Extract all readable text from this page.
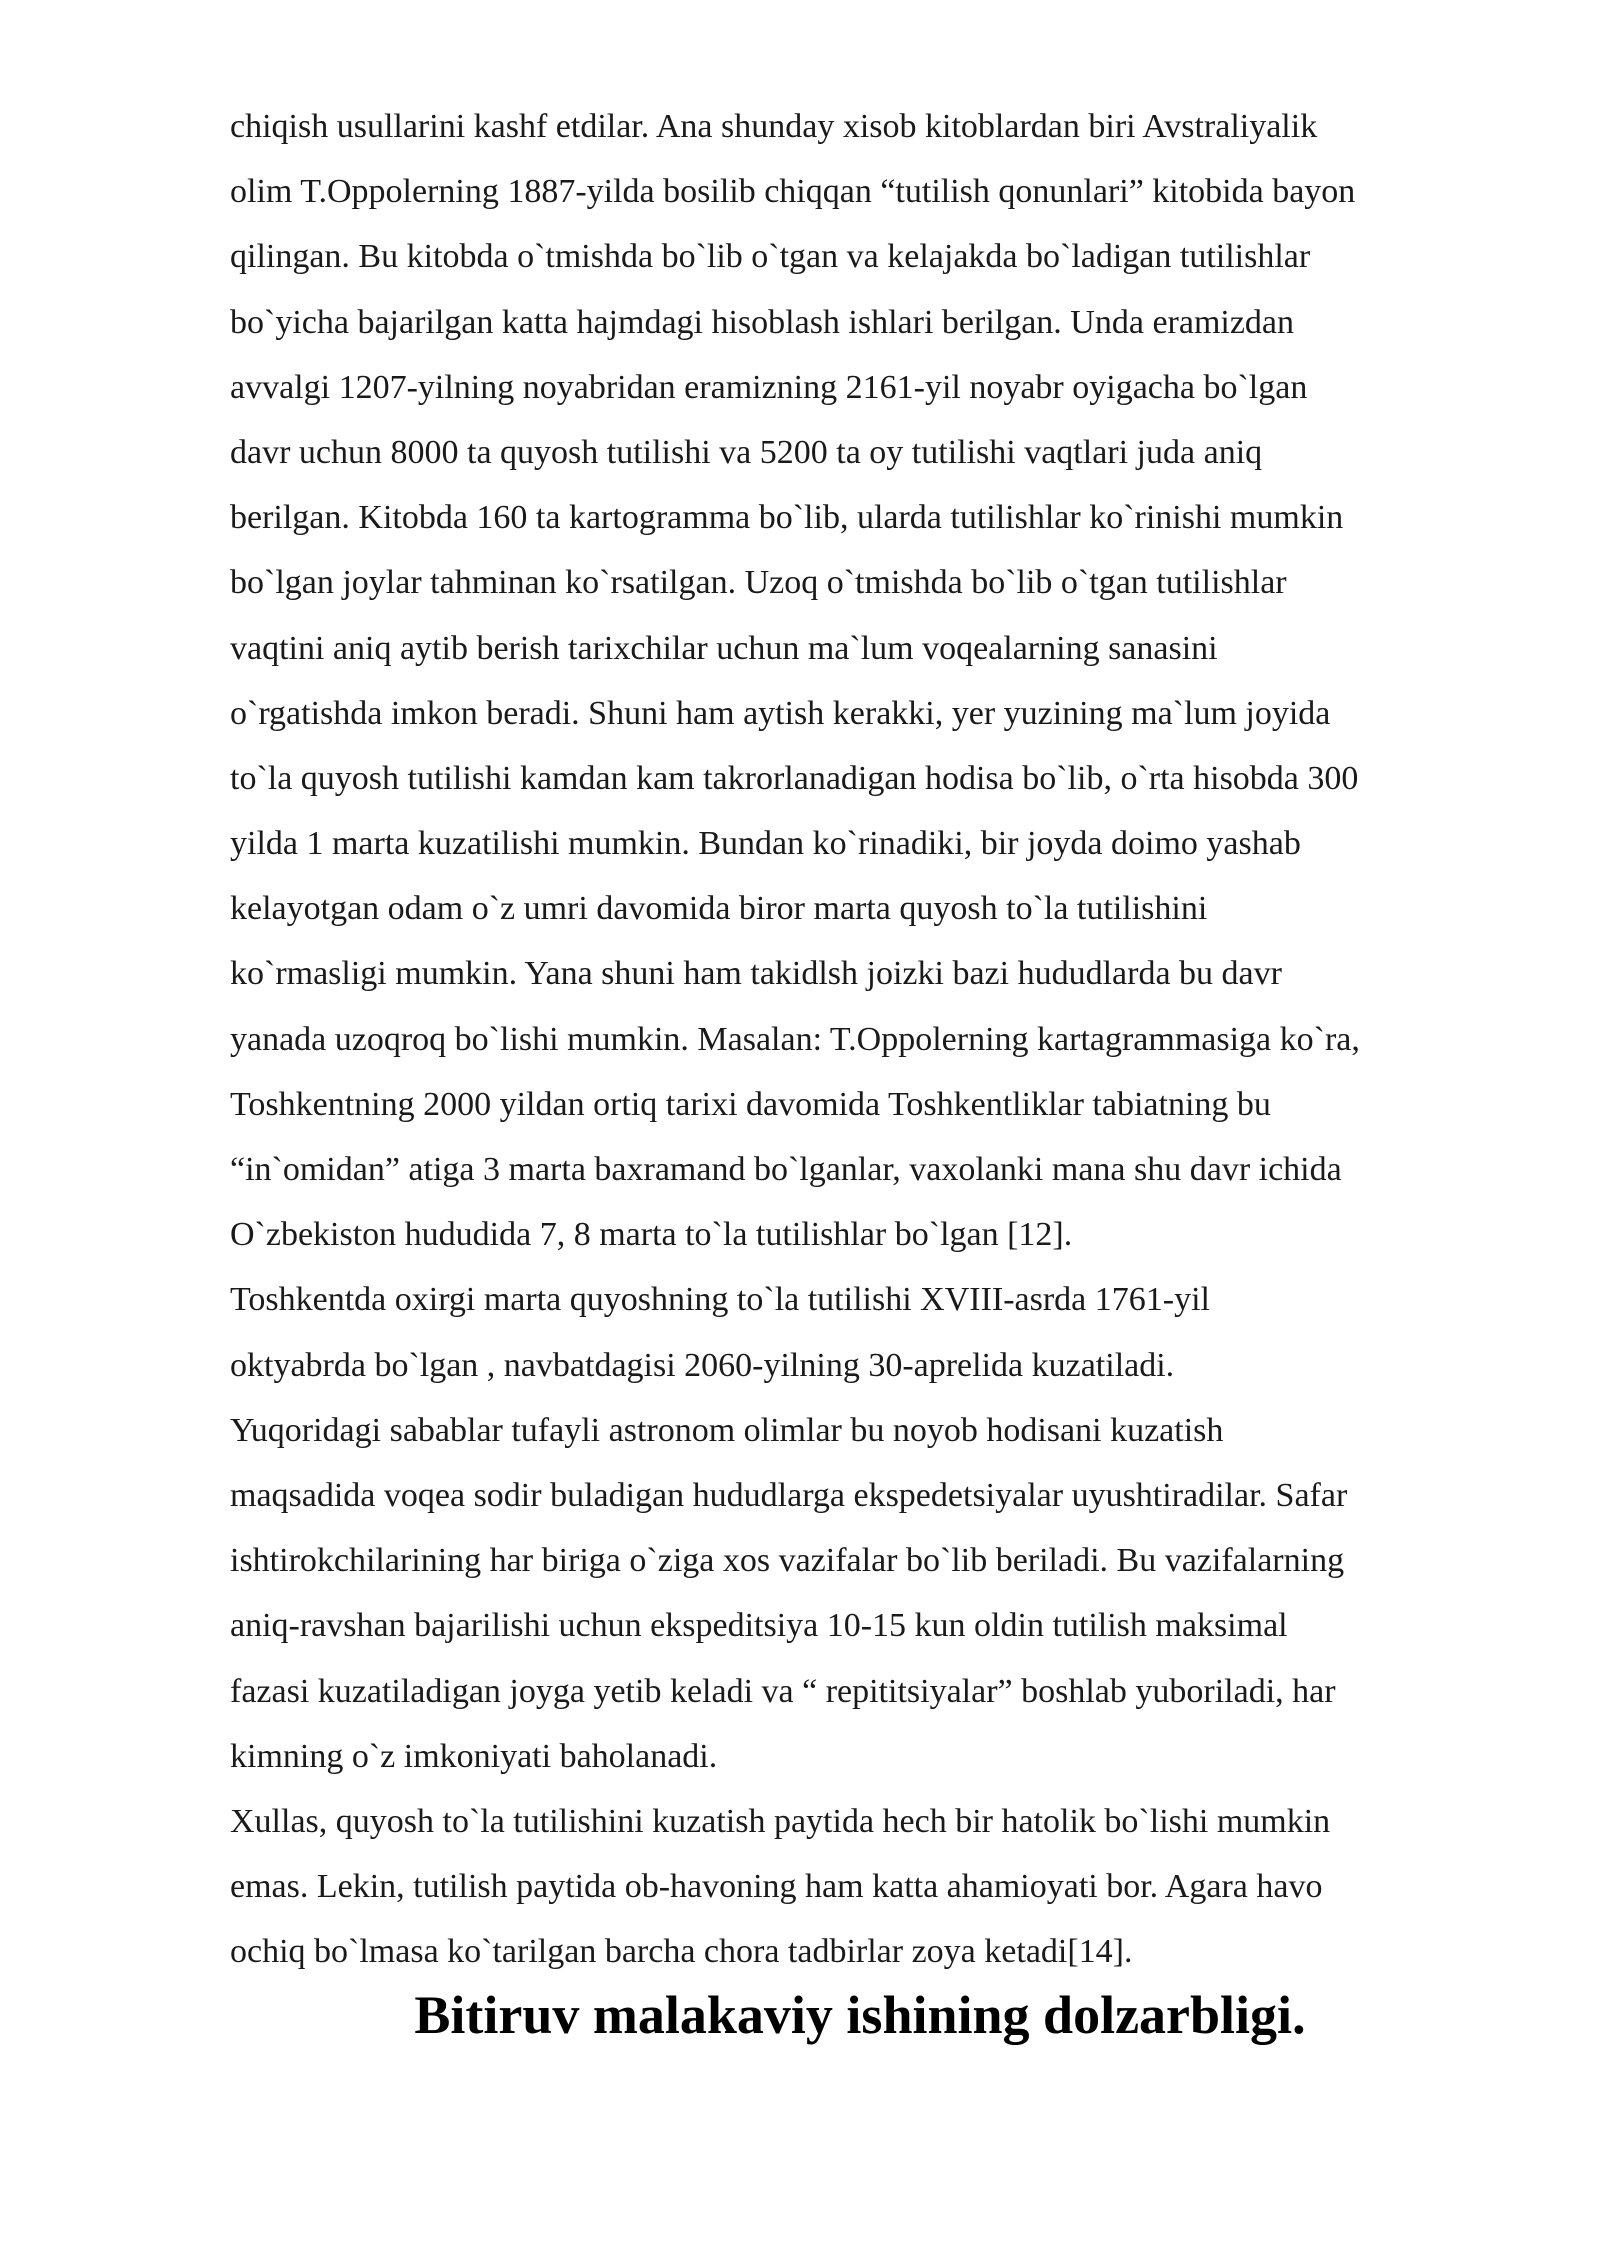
chiqish usullarini kashf etdilar. Ana shunday xisob kitoblardan biri Avstraliyalik
olim T.Oppolerning 1887-yilda bosilib chiqqan “tutilish qonunlari” kitobida bayon
qilingan. Bu kitobda o`tmishda bo`lib o`tgan va kelajakda bo`ladigan tutilishlar
bo`yicha bajarilgan katta hajmdagi hisoblash ishlari berilgan. Unda eramizdan
avvalgi 1207-yilning noyabridan eramizning 2161-yil noyabr oyigacha bo`lgan
davr uchun 8000 ta quyosh tutilishi va 5200 ta oy tutilishi vaqtlari juda aniq
berilgan. Kitobda 160 ta kartogramma bo`lib, ularda tutilishlar ko`rinishi mumkin
bo`lgan joylar tahminan ko`rsatilgan. Uzoq o`tmishda bo`lib o`tgan tutilishlar
vaqtini aniq aytib berish tarixchilar uchun ma`lum voqealarning sanasini
o`rgatishda imkon beradi. Shuni ham aytish kerakki, yer yuzining ma`lum joyida
to`la quyosh tutilishi kamdan kam takrorlanadigan hodisa bo`lib, o`rta hisobda 300
yilda 1 marta kuzatilishi mumkin. Bundan ko`rinadiki, bir joyda doimo yashab
kelayotgan odam o`z umri davomida biror marta quyosh to`la tutilishini
ko`rmasligi mumkin. Yana shuni ham takidlsh joizki bazi hududlarda bu davr
yanada uzoqroq bo`lishi mumkin. Masalan: T.Oppolerning kartagrammasiga ko`ra,
Toshkentning 2000 yildan ortiq tarixi davomida Toshkentliklar tabiatning bu
“in`omidan” atiga 3 marta baxramand bo`lganlar, vaxolanki mana shu davr ichida
O`zbekiston hududida 7, 8 marta to`la tutilishlar bo`lgan [12].
Toshkentda oxirgi marta quyoshning to`la tutilishi XVIII-asrda 1761-yil
oktyabrda bo`lgan , navbatdagisi 2060-yilning 30-aprelida kuzatiladi.
Yuqoridagi sabablar tufayli astronom olimlar bu noyob hodisani kuzatish
maqsadida voqea sodir buladigan hududlarga ekspedetsiyalar uyushtiradilar. Safar
ishtirokchilarining har biriga o`ziga xos vazifalar bo`lib beriladi. Bu vazifalarning
aniq-ravshan bajarilishi uchun ekspeditsiya 10-15 kun oldin tutilish maksimal
fazasi kuzatiladigan joyga yetib keladi va “ repititsiyalar” boshlab yuboriladi, har
kimning o`z imkoniyati baholanadi.
Xullas, quyosh to`la tutilishini kuzatish paytida hech bir hatolik bo`lishi mumkin
emas. Lekin, tutilish paytida ob-havoning ham katta ahamioyati bor. Agara havo
ochiq bo`lmasa ko`tarilgan barcha chora tadbirlar zoya ketadi[14].
Bitiruv malakaviy ishining dolzarbligi.
